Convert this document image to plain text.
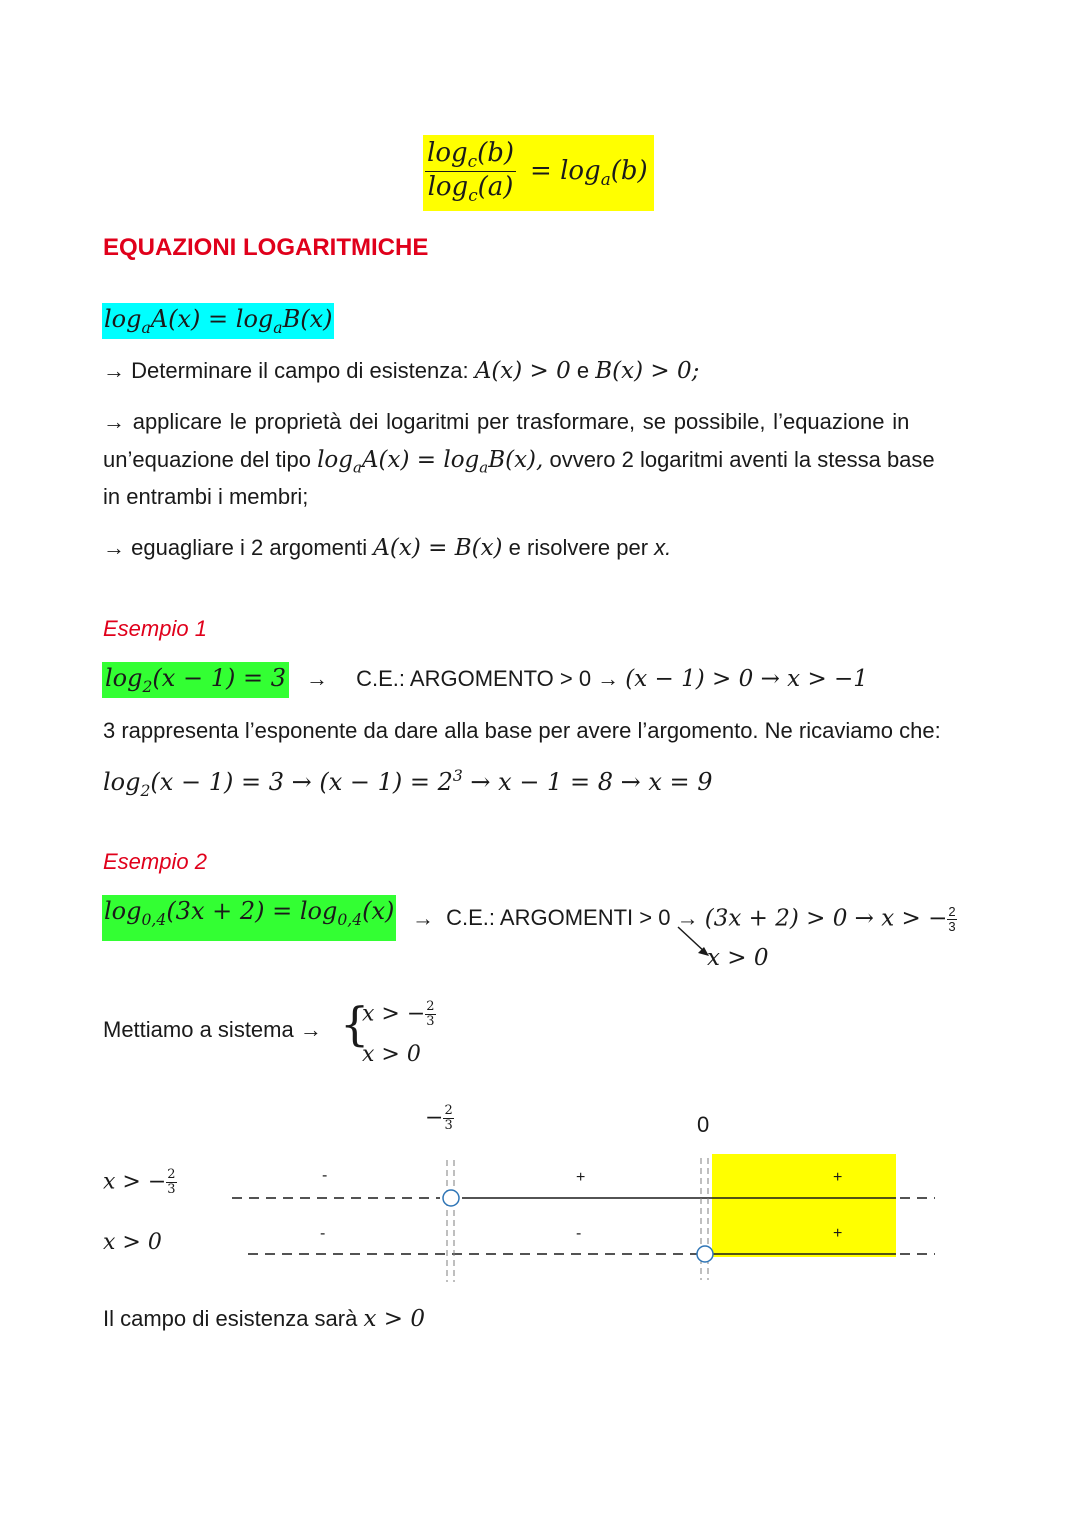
$\frac{\log_c(b)}{\log_c(a)} = \log_a(b)$
EQUAZIONI LOGARITMICHE
$\log_aA(x) = \log_aB(x)$
→ Determinare il campo di esistenza: A(x) > 0 e B(x) > 0;
→ applicare le proprietà dei logaritmi per trasformare, se possibile, l’equazione in
un’equazione del tipo $\log_aA(x) = \log_aB(x)$, ovvero 2 logaritmi aventi la stessa base
in entrambi i membri;
→ eguagliare i 2 argomenti A(x) = B(x) e risolvere per x.
Esempio 1
$\log_2(x - 1) = 3 \to C.E$.: ARGOMENTO > 0 → (x − 1) > 0 → x > −1
3 rappresenta l’esponente da dare alla base per avere l’argomento. Ne ricaviamo che:
$\log_2(x - 1) = 3 \to (x - 1) = 2^3 \to x - 1 = 8 \to x = 9$
Esempio 2
$\log_{0,4}(3x + 2) = \log_{0,4}(x) \to C.E$.: ARGOMENTI > 0 → (3x + 2) > 0 → x > − $\frac{2}{3}$
x > 0
Mettiamo a sistema → {
x > − $\frac{2}{3}$
x > 0
− $\frac{2}{3}$	0
x > − $\frac{2}{3}$
x > 0
-	+	+
-	-	+
Il campo di esistenza sarà x > 0
